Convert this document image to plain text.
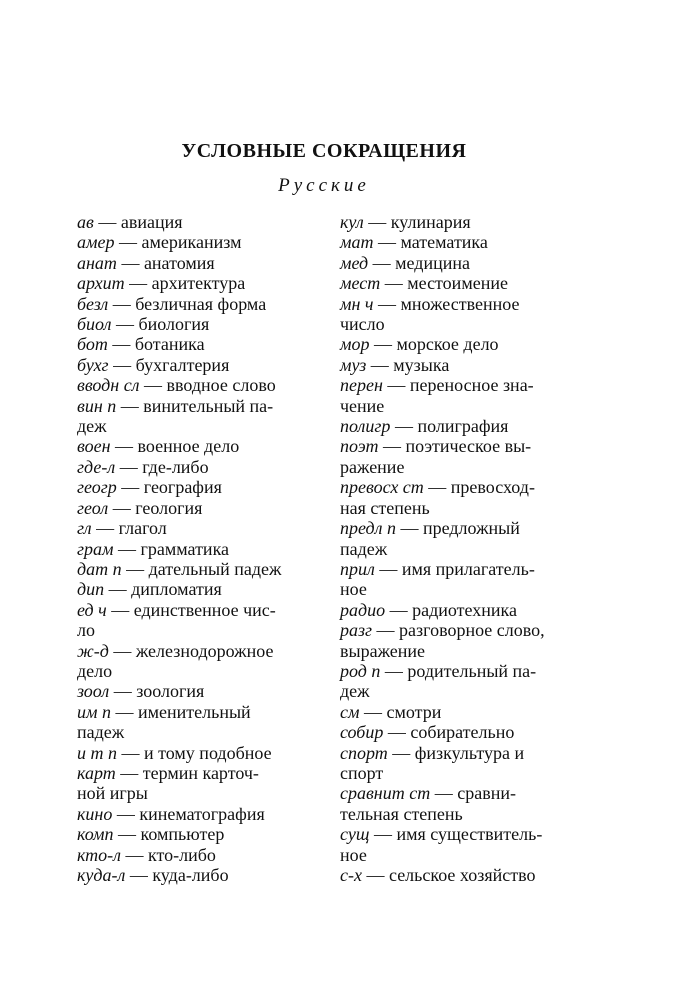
УСЛОВНЫЕ СОКРАЩЕНИЯ
Русские
ав — авиация
амер — американизм
анат — анатомия
архит — архитектура
безл — безличная форма
биол — биология
бот — ботаника
бухг — бухгалтерия
вводн сл — вводное слово
вин п — винительный па-
деж
воен — военное дело
где-л — где-либо
геогр — география
геол — геология
гл — глагол
грам — грамматика
дат п — дательный падеж
дип — дипломатия
ед ч — единственное чис-
ло
ж-д — железнодорожное
дело
зоол — зоология
им п — именительный
падеж
и т п — и тому подобное
карт — термин карточ-
ной игры
кино — кинематография
комп — компьютер
кто-л — кто-либо
куда-л — куда-либо
кул — кулинария
мат — математика
мед — медицина
мест — местоимение
мн ч — множественное
число
мор — морское дело
муз — музыка
перен — переносное зна-
чение
полигр — полиграфия
поэт — поэтическое вы-
ражение
превосх ст — превосход-
ная степень
предл п — предложный
падеж
прил — имя прилагатель-
ное
радио — радиотехника
разг — разговорное слово,
выражение
род п — родительный па-
деж
см — смотри
собир — собирательно
спорт — физкультура и
спорт
сравнит ст — сравни-
тельная степень
сущ — имя существитель-
ное
с-х — сельское хозяйство
